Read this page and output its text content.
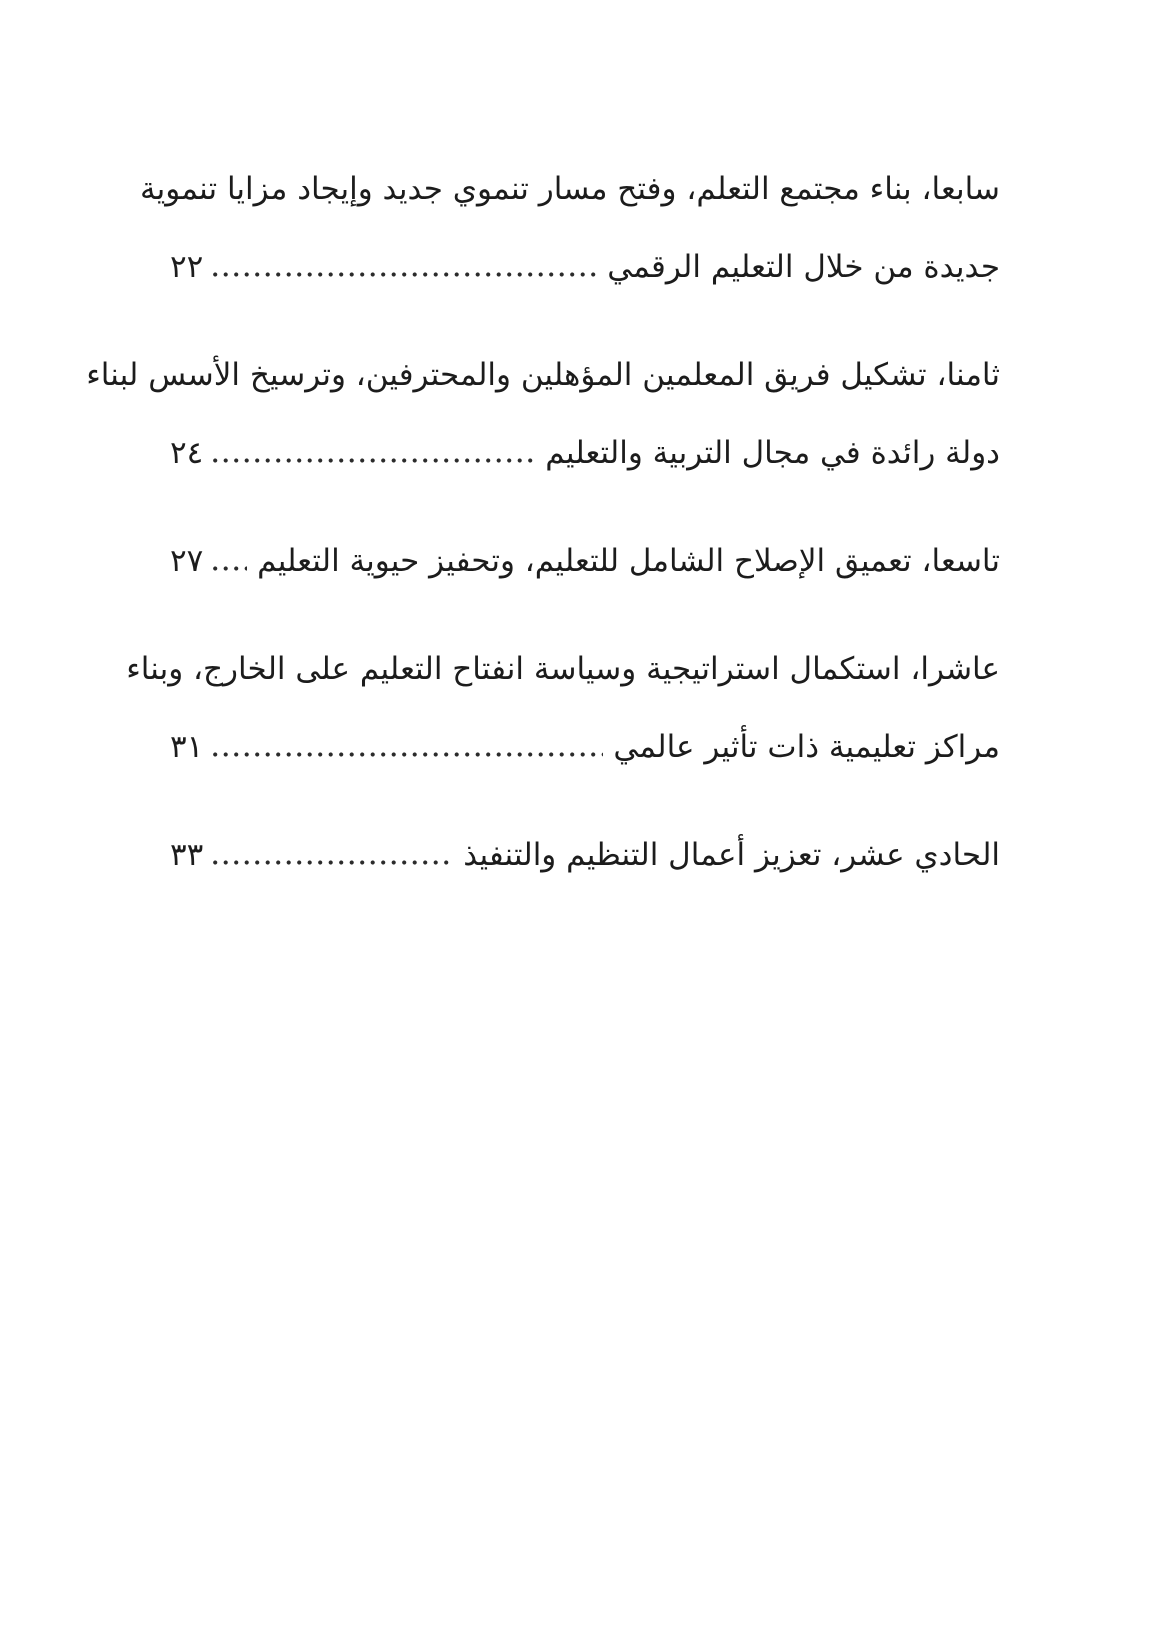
سابعا، بناء مجتمع التعلم، وفتح مسار تنموي جديد وإيجاد مزايا تنموية
جديدة من خلال التعليم الرقمي
٢٢
ثامنا، تشكيل فريق المعلمين المؤهلين والمحترفين، وترسيخ الأسس لبناء
دولة رائدة في مجال التربية والتعليم
٢٤
تاسعا، تعميق الإصلاح الشامل للتعليم، وتحفيز حيوية التعليم
٢٧
عاشرا، استكمال استراتيجية وسياسة انفتاح التعليم على الخارج، وبناء
مراكز تعليمية ذات تأثير عالمي
٣١
الحادي عشر، تعزيز أعمال التنظيم والتنفيذ
٣٣
